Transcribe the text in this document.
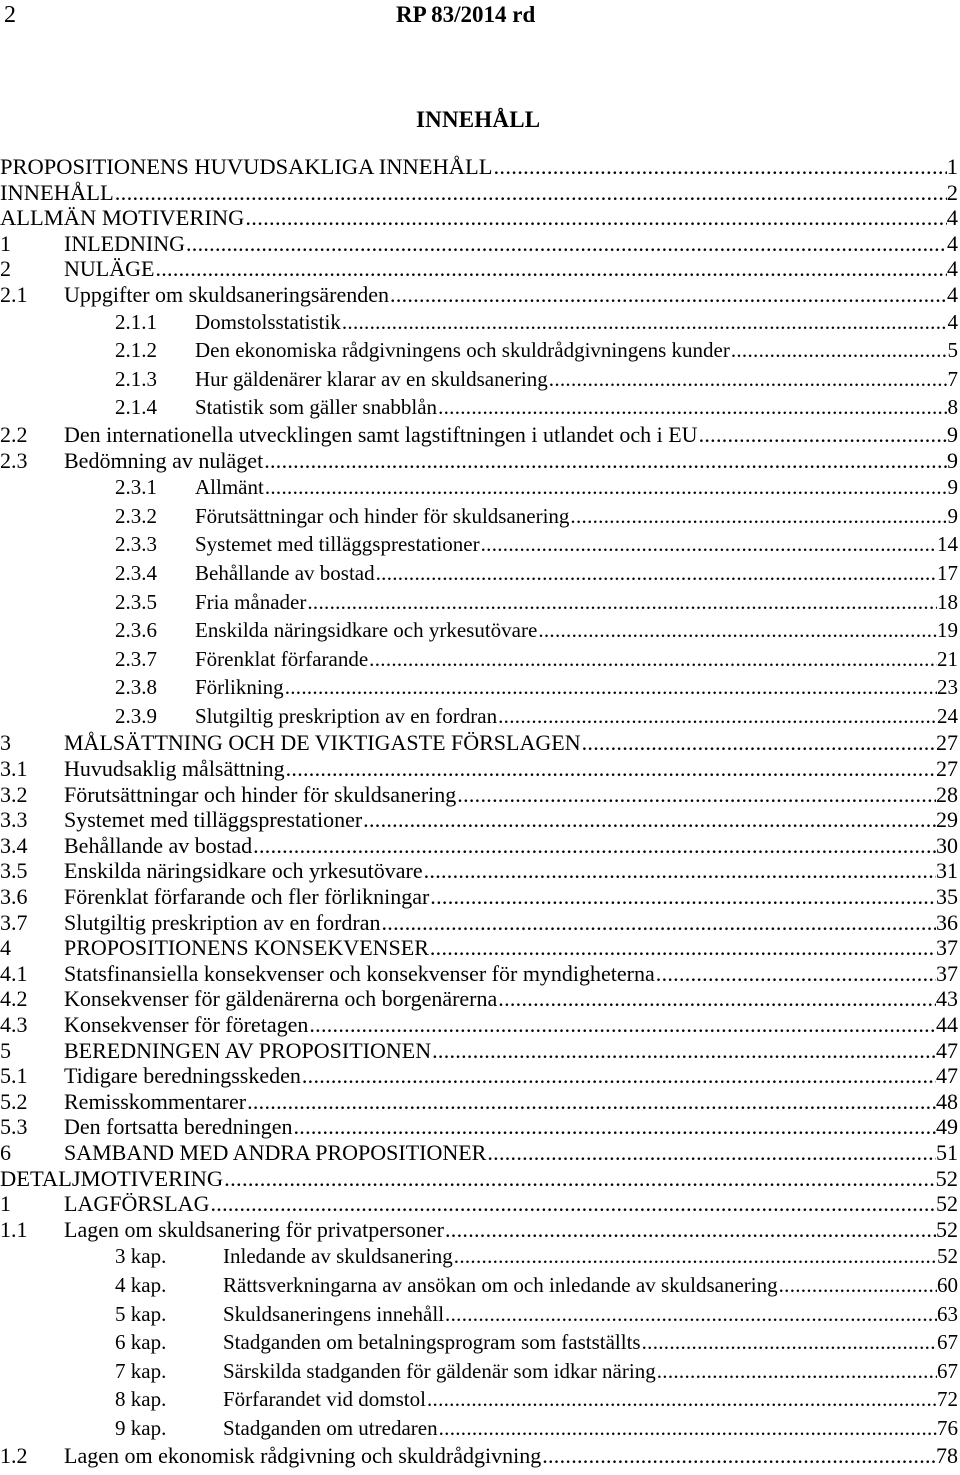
2	RP 83/2014 rd
INNEHÅLL
PROPOSITIONENS HUVUDSAKLIGA INNEHÅLL .....	1
INNEHÅLL .....	2
ALLMÄN MOTIVERING .....	4
1	INLEDNING .....	4
2	NULÄGE .....	4
2.1	Uppgifter om skuldsaneringsärenden .....	4
2.1.1	Domstolsstatistik .....	4
2.1.2	Den ekonomiska rådgivningens och skuldrådgivningens kunder .....	5
2.1.3	Hur gäldenärer klarar av en skuldsanering .....	7
2.1.4	Statistik som gäller snabblån .....	8
2.2	Den internationella utvecklingen samt lagstiftningen i utlandet och i EU .....	9
2.3	Bedömning av nuläget .....	9
2.3.1	Allmänt .....	9
2.3.2	Förutsättningar och hinder för skuldsanering .....	9
2.3.3	Systemet med tilläggsprestationer .....	14
2.3.4	Behållande av bostad .....	17
2.3.5	Fria månader .....	18
2.3.6	Enskilda näringsidkare och yrkesutövare .....	19
2.3.7	Förenklat förfarande .....	21
2.3.8	Förlikning .....	23
2.3.9	Slutgiltig preskription av en fordran .....	24
3	MÅLSÄTTNING OCH DE VIKTIGASTE FÖRSLAGEN .....	27
3.1	Huvudsaklig målsättning .....	27
3.2	Förutsättningar och hinder för skuldsanering .....	28
3.3	Systemet med tilläggsprestationer .....	29
3.4	Behållande av bostad .....	30
3.5	Enskilda näringsidkare och yrkesutövare .....	31
3.6	Förenklat förfarande och fler förlikningar .....	35
3.7	Slutgiltig preskription av en fordran .....	36
4	PROPOSITIONENS KONSEKVENSER .....	37
4.1	Statsfinansiella konsekvenser och konsekvenser för myndigheterna .....	37
4.2	Konsekvenser för gäldenärerna och borgenärerna .....	43
4.3	Konsekvenser för företagen .....	44
5	BEREDNINGEN AV PROPOSITIONEN .....	47
5.1	Tidigare beredningsskeden .....	47
5.2	Remisskommentarer .....	48
5.3	Den fortsatta beredningen .....	49
6	SAMBAND MED ANDRA PROPOSITIONER .....	51
DETALJMOTIVERING .....	52
1	LAGFÖRSLAG .....	52
1.1	Lagen om skuldsanering för privatpersoner .....	52
3 kap.	Inledande av skuldsanering .....	52
4 kap.	Rättsverkningarna av ansökan om och inledande av skuldsanering .....	60
5 kap.	Skuldsaneringens innehåll .....	63
6 kap.	Stadganden om betalningsprogram som fastställts .....	67
7 kap.	Särskilda stadganden för gäldenär som idkar näring .....	67
8 kap.	Förfarandet vid domstol .....	72
9 kap.	Stadganden om utredaren .....	76
1.2	Lagen om ekonomisk rådgivning och skuldrådgivning .....	78
